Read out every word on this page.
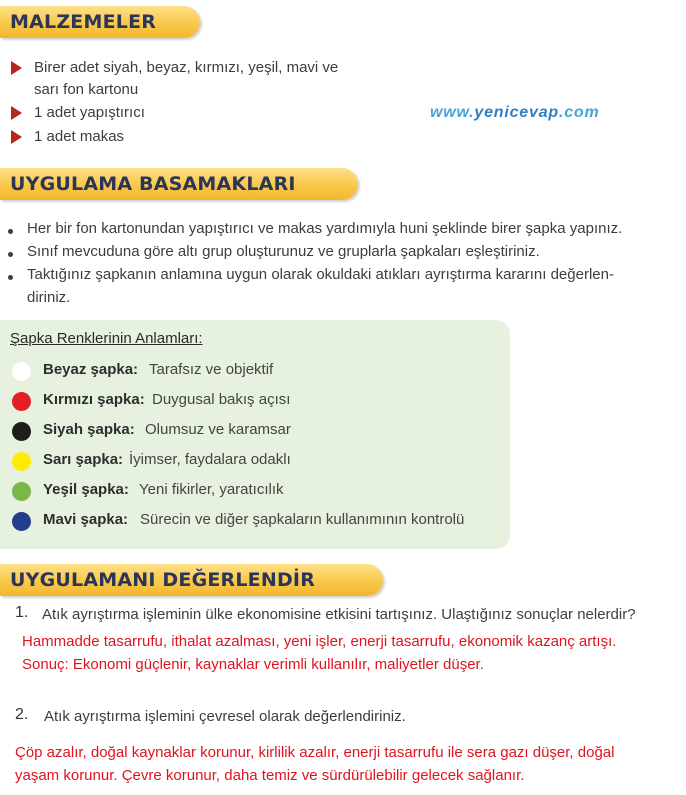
MALZEMELER
Birer adet siyah, beyaz, kırmızı, yeşil, mavi ve
sarı fon kartonu
1 adet yapıştırıcı
1 adet makas
www.yenicevap.com
UYGULAMA BASAMAKLARI
Her bir fon kartonundan yapıştırıcı ve makas yardımıyla huni şeklinde birer şapka yapınız.
Sınıf mevcuduna göre altı grup oluşturunuz ve gruplarla şapkaları eşleştiriniz.
Taktığınız şapkanın anlamına uygun olarak okuldaki atıkları ayrıştırma kararını değerlen-
diriniz.
Şapka Renklerinin Anlamları:
Beyaz şapka: Tarafsız ve objektif
Kırmızı şapka: Duygusal bakış açısı
Siyah şapka: Olumsuz ve karamsar
Sarı şapka: İyimser, faydalara odaklı
Yeşil şapka: Yeni fikirler, yaratıcılık
Mavi şapka: Sürecin ve diğer şapkaların kullanımının kontrolü
UYGULAMANI DEĞERLENDİR
1. Atık ayrıştırma işleminin ülke ekonomisine etkisini tartışınız. Ulaştığınız sonuçlar nelerdir?
Hammadde tasarrufu, ithalat azalması, yeni işler, enerji tasarrufu, ekonomik kazanç artışı.
Sonuç: Ekonomi güçlenir, kaynaklar verimli kullanılır, maliyetler düşer.
2. Atık ayrıştırma işlemini çevresel olarak değerlendiriniz.
Çöp azalır, doğal kaynaklar korunur, kirlilik azalır, enerji tasarrufu ile sera gazı düşer, doğal
yaşam korunur. Çevre korunur, daha temiz ve sürdürülebilir gelecek sağlanır.
